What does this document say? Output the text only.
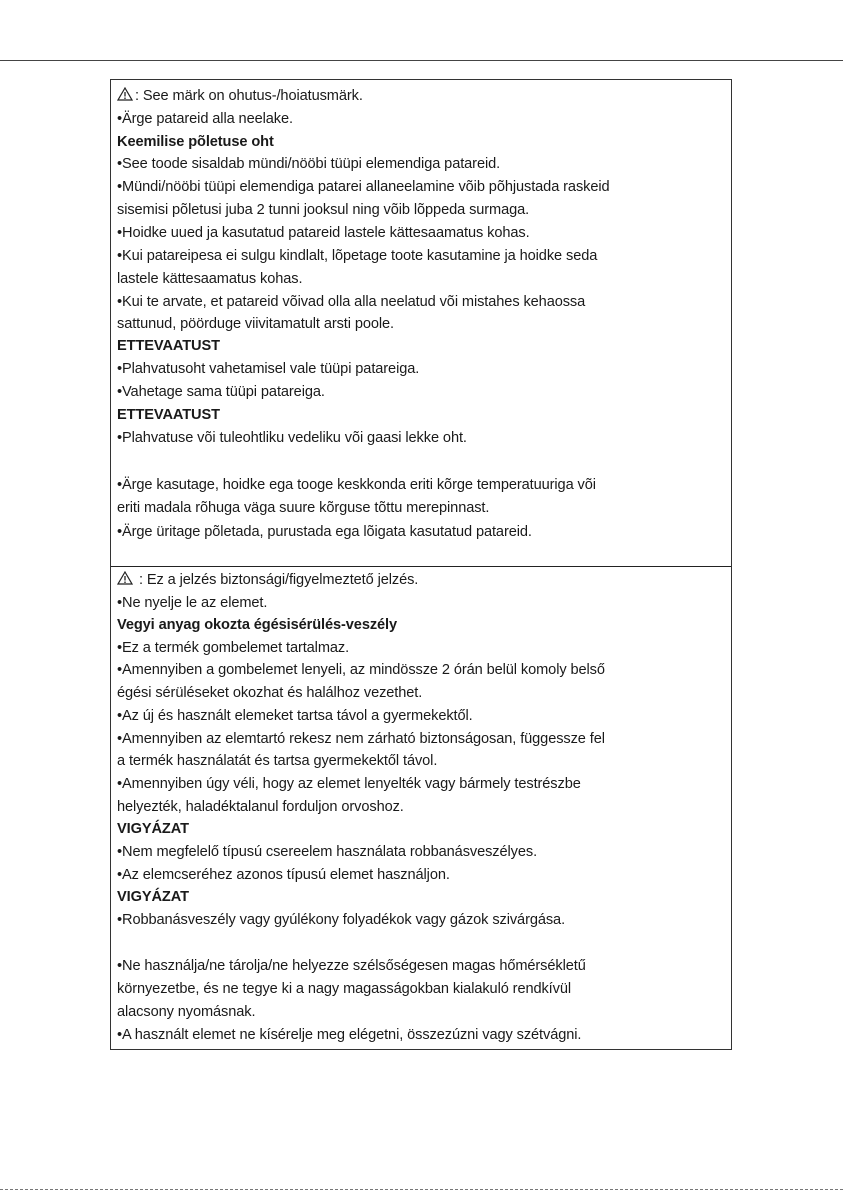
: See märk on ohutus-/hoiatusmärk.
•Ärge patareid alla neelake.
Keemilise põletuse oht
•See toode sisaldab mündi/nööbi tüüpi elemendiga patareid.
•Mündi/nööbi tüüpi elemendiga patarei allaneelamine võib põhjustada raskeid
sisemisi põletusi juba 2 tunni jooksul ning võib lõppeda surmaga.
•Hoidke uued ja kasutatud patareid lastele kättesaamatus kohas.
•Kui patareipesa ei sulgu kindlalt, lõpetage toote kasutamine ja hoidke seda
lastele kättesaamatus kohas.
•Kui te arvate, et patareid võivad olla alla neelatud või mistahes kehaossa
sattunud, pöörduge viivitamatult arsti poole.
ETTEVAATUST
•Plahvatusoht vahetamisel vale tüüpi patareiga.
•Vahetage sama tüüpi patareiga.
ETTEVAATUST
•Plahvatuse või tuleohtliku vedeliku või gaasi lekke oht.
•Ärge kasutage, hoidke ega tooge keskkonda eriti kõrge temperatuuriga või
eriti madala rõhuga väga suure kõrguse tõttu merepinnast.
•Ärge üritage põletada, purustada ega lõigata kasutatud patareid.
: Ez a jelzés biztonsági/figyelmeztető jelzés.
•Ne nyelje le az elemet.
Vegyi anyag okozta égésisérülés-veszély
•Ez a termék gombelemet tartalmaz.
•Amennyiben a gombelemet lenyeli, az mindössze 2 órán belül komoly belső
égési sérüléseket okozhat és halálhoz vezethet.
•Az új és használt elemeket tartsa távol a gyermekektől.
•Amennyiben az elemtartó rekesz nem zárható biztonságosan, függessze fel
a termék használatát és tartsa gyermekektől távol.
•Amennyiben úgy véli, hogy az elemet lenyelték vagy bármely testrészbe
helyezték, haladéktalanul forduljon orvoshoz.
VIGYÁZAT
•Nem megfelelő típusú csereelem használata robbanásveszélyes.
•Az elemcseréhez azonos típusú elemet használjon.
VIGYÁZAT
•Robbanásveszély vagy gyúlékony folyadékok vagy gázok szivárgása.
•Ne használja/ne tárolja/ne helyezze szélsőségesen magas hőmérsékletű
környezetbe, és ne tegye ki a nagy magasságokban kialakuló rendkívül
alacsony nyomásnak.
•A használt elemet ne kísérelje meg elégetni, összezúzni vagy szétvágni.
